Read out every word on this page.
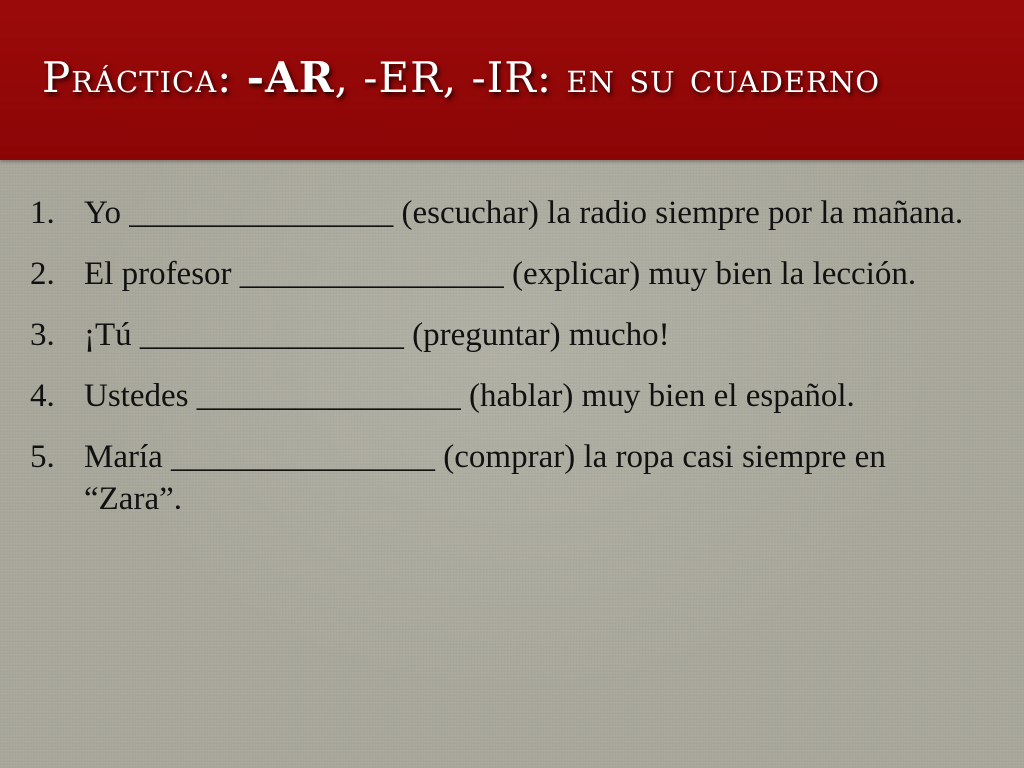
Práctica: -AR, -ER, -IR: en su cuaderno
1. Yo ________________ (escuchar) la radio siempre por la mañana.
2. El profesor ________________ (explicar) muy bien la lección.
3. ¡Tú ________________ (preguntar) mucho!
4. Ustedes ________________ (hablar) muy bien el español.
5. María ________________ (comprar) la ropa casi siempre en “Zara”.
